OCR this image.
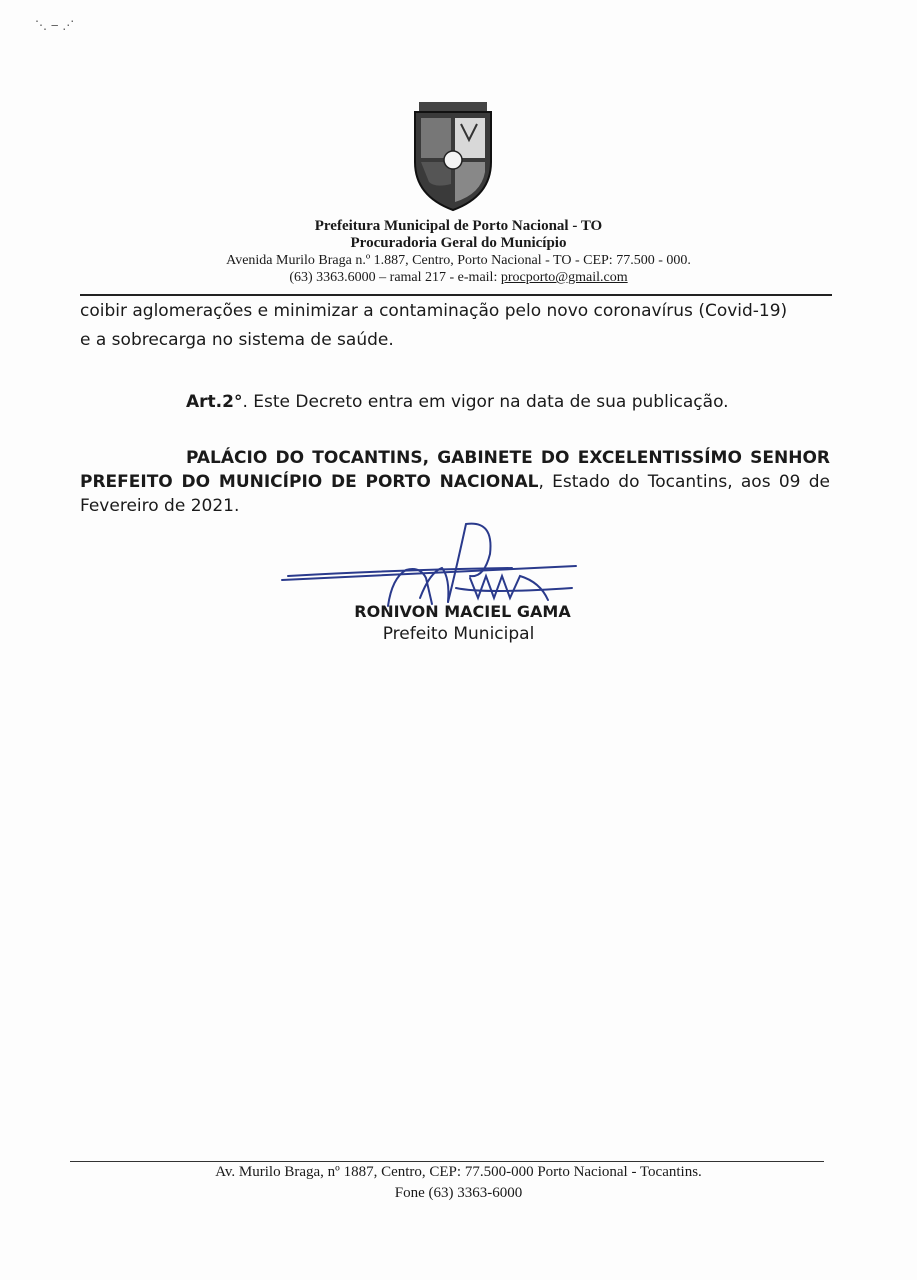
⋱ ‒ ⋰
Prefeitura Municipal de Porto Nacional - TO
Procuradoria Geral do Município
Avenida Murilo Braga n.º 1.887, Centro, Porto Nacional - TO - CEP: 77.500 - 000.
(63) 3363.6000 – ramal 217 - e-mail: procporto@gmail.com
coibir aglomerações e minimizar a contaminação pelo novo coronavírus (Covid-19)
e a sobrecarga no sistema de saúde.
Art.2°. Este Decreto entra em vigor na data de sua publicação.
PALÁCIO DO TOCANTINS, GABINETE DO EXCELENTISSÍMO SENHOR PREFEITO DO MUNICÍPIO DE PORTO NACIONAL, Estado do Tocantins, aos 09 de Fevereiro de 2021.
RONIVON MACIEL GAMA
Prefeito Municipal
Av. Murilo Braga, nº 1887, Centro, CEP: 77.500-000 Porto Nacional - Tocantins.
Fone (63) 3363-6000
